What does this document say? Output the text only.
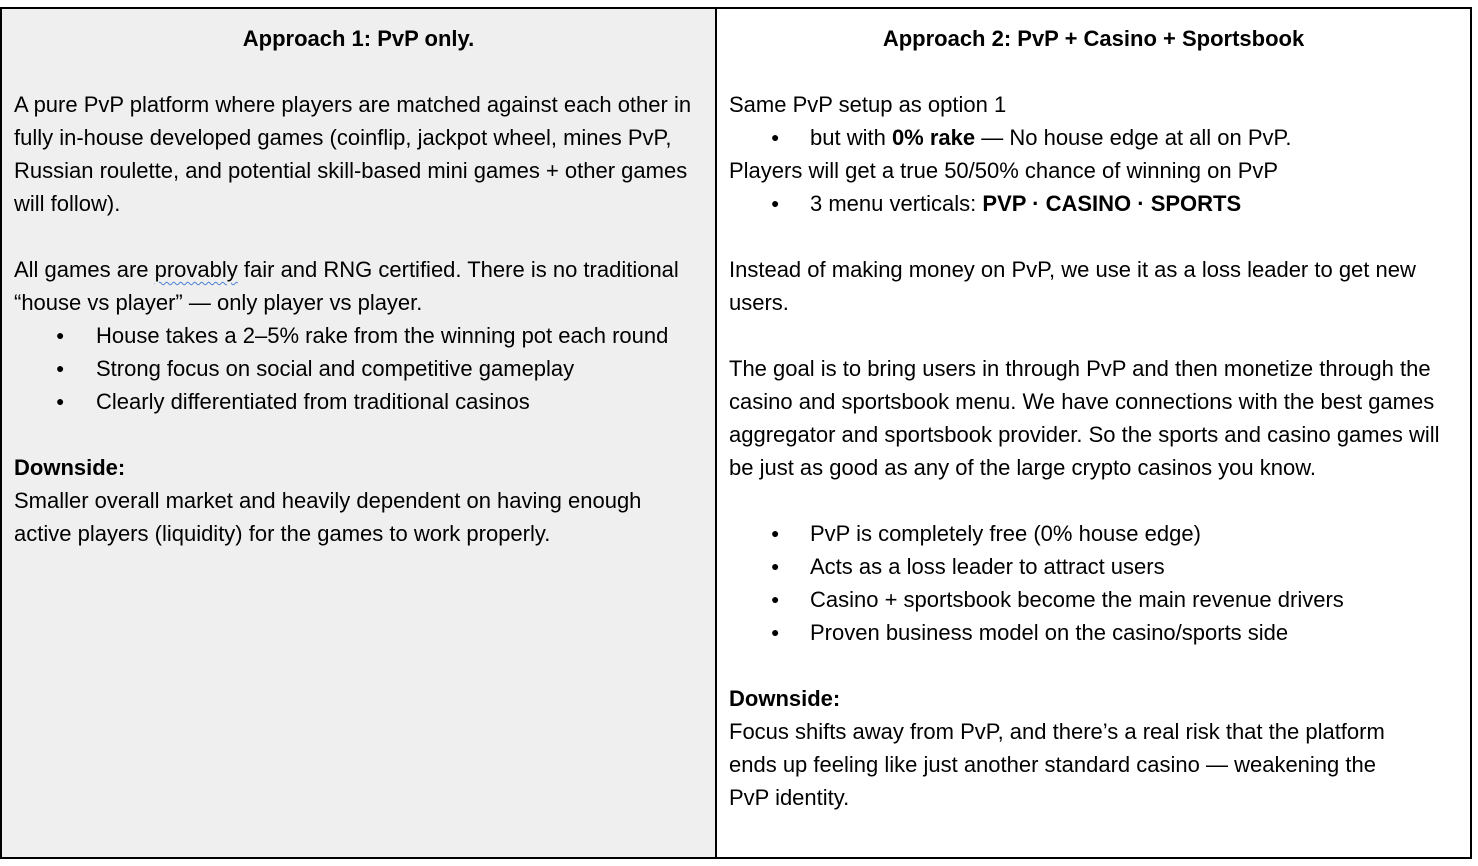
Approach 1: PvP only.

A pure PvP platform where players are matched against each other in fully in-house developed games (coinflip, jackpot wheel, mines PvP, Russian roulette, and potential skill-based mini games + other games will follow).

All games are provably fair and RNG certified. There is no traditional “house vs player” — only player vs player.

● House takes a 2–5% rake from the winning pot each round
● Strong focus on social and competitive gameplay
● Clearly differentiated from traditional casinos

Downside:

Smaller overall market and heavily dependent on having enough active players (liquidity) for the games to work properly.

Approach 2: PvP + Casino + Sportsbook

Same PvP setup as option 1

● but with 0% rake — No house edge at all on PvP.

Players will get a true 50/50% chance of winning on PvP

● 3 menu verticals: PVP · CASINO · SPORTS

Instead of making money on PvP, we use it as a loss leader to get new users.

The goal is to bring users in through PvP and then monetize through the casino and sportsbook menu. We have connections with the best games aggregator and sportsbook provider. So the sports and casino games will be just as good as any of the large crypto casinos you know.

● PvP is completely free (0% house edge)
● Acts as a loss leader to attract users
● Casino + sportsbook become the main revenue drivers
● Proven business model on the casino/sports side

Downside:

Focus shifts away from PvP, and there’s a real risk that the platform ends up feeling like just another standard casino — weakening the PvP identity.
